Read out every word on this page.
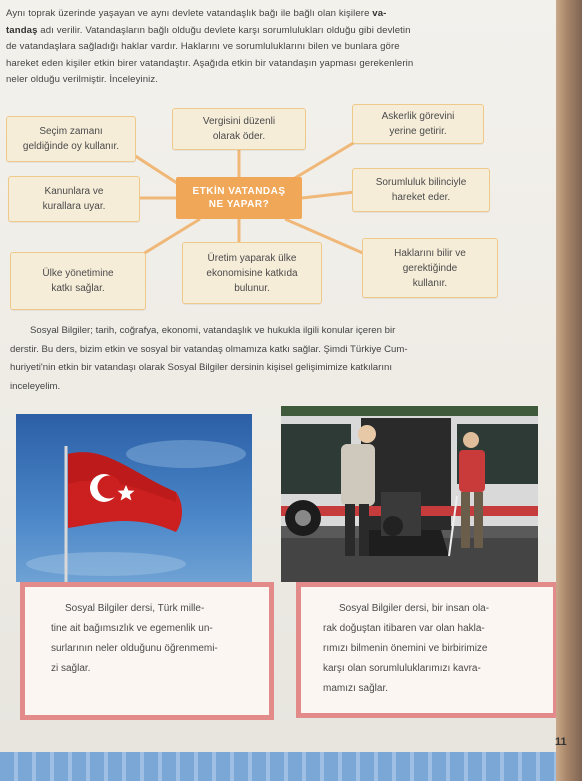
Aynı toprak üzerinde yaşayan ve aynı devlete vatandaşlık bağı ile bağlı olan kişilere va-
tandaş adı verilir. Vatandaşların bağlı olduğu devlete karşı sorumlulukları olduğu gibi devletin
de vatandaşlara sağladığı haklar vardır. Haklarını ve sorumluluklarını bilen ve bunlara göre
hareket eden kişiler etkin birer vatandaştır. Aşağıda etkin bir vatandaşın yapması gerekenlerin
neler olduğu verilmiştir. İnceleyiniz.
ETKİN VATANDAŞ
NE YAPAR?
Seçim zamanı
geldiğinde oy kullanır.
Vergisini düzenli
olarak öder.
Askerlik görevini
yerine getirir.
Kanunlara ve
kurallara uyar.
Sorumluluk bilinciyle
hareket eder.
Ülke yönetimine
katkı sağlar.
Üretim yaparak ülke
ekonomisine katkıda
bulunur.
Haklarını bilir ve
gerektiğinde
kullanır.
Sosyal Bilgiler; tarih, coğrafya, ekonomi, vatandaşlık ve hukukla ilgili konular içeren bir
derstir. Bu ders, bizim etkin ve sosyal bir vatandaş olmamıza katkı sağlar. Şimdi Türkiye Cum-
huriyeti'nin etkin bir vatandaşı olarak Sosyal Bilgiler dersinin kişisel gelişimimize katkılarını
inceleyelim.
Sosyal Bilgiler dersi, Türk mille-
tine ait bağımsızlık ve egemenlik un-
surlarının neler olduğunu öğrenmemi-
zi sağlar.
Sosyal Bilgiler dersi, bir insan ola-
rak doğuştan itibaren var olan hakla-
rımızı bilmenin önemini ve birbirimize
karşı olan sorumluluklarımızı kavra-
mamızı sağlar.
11
